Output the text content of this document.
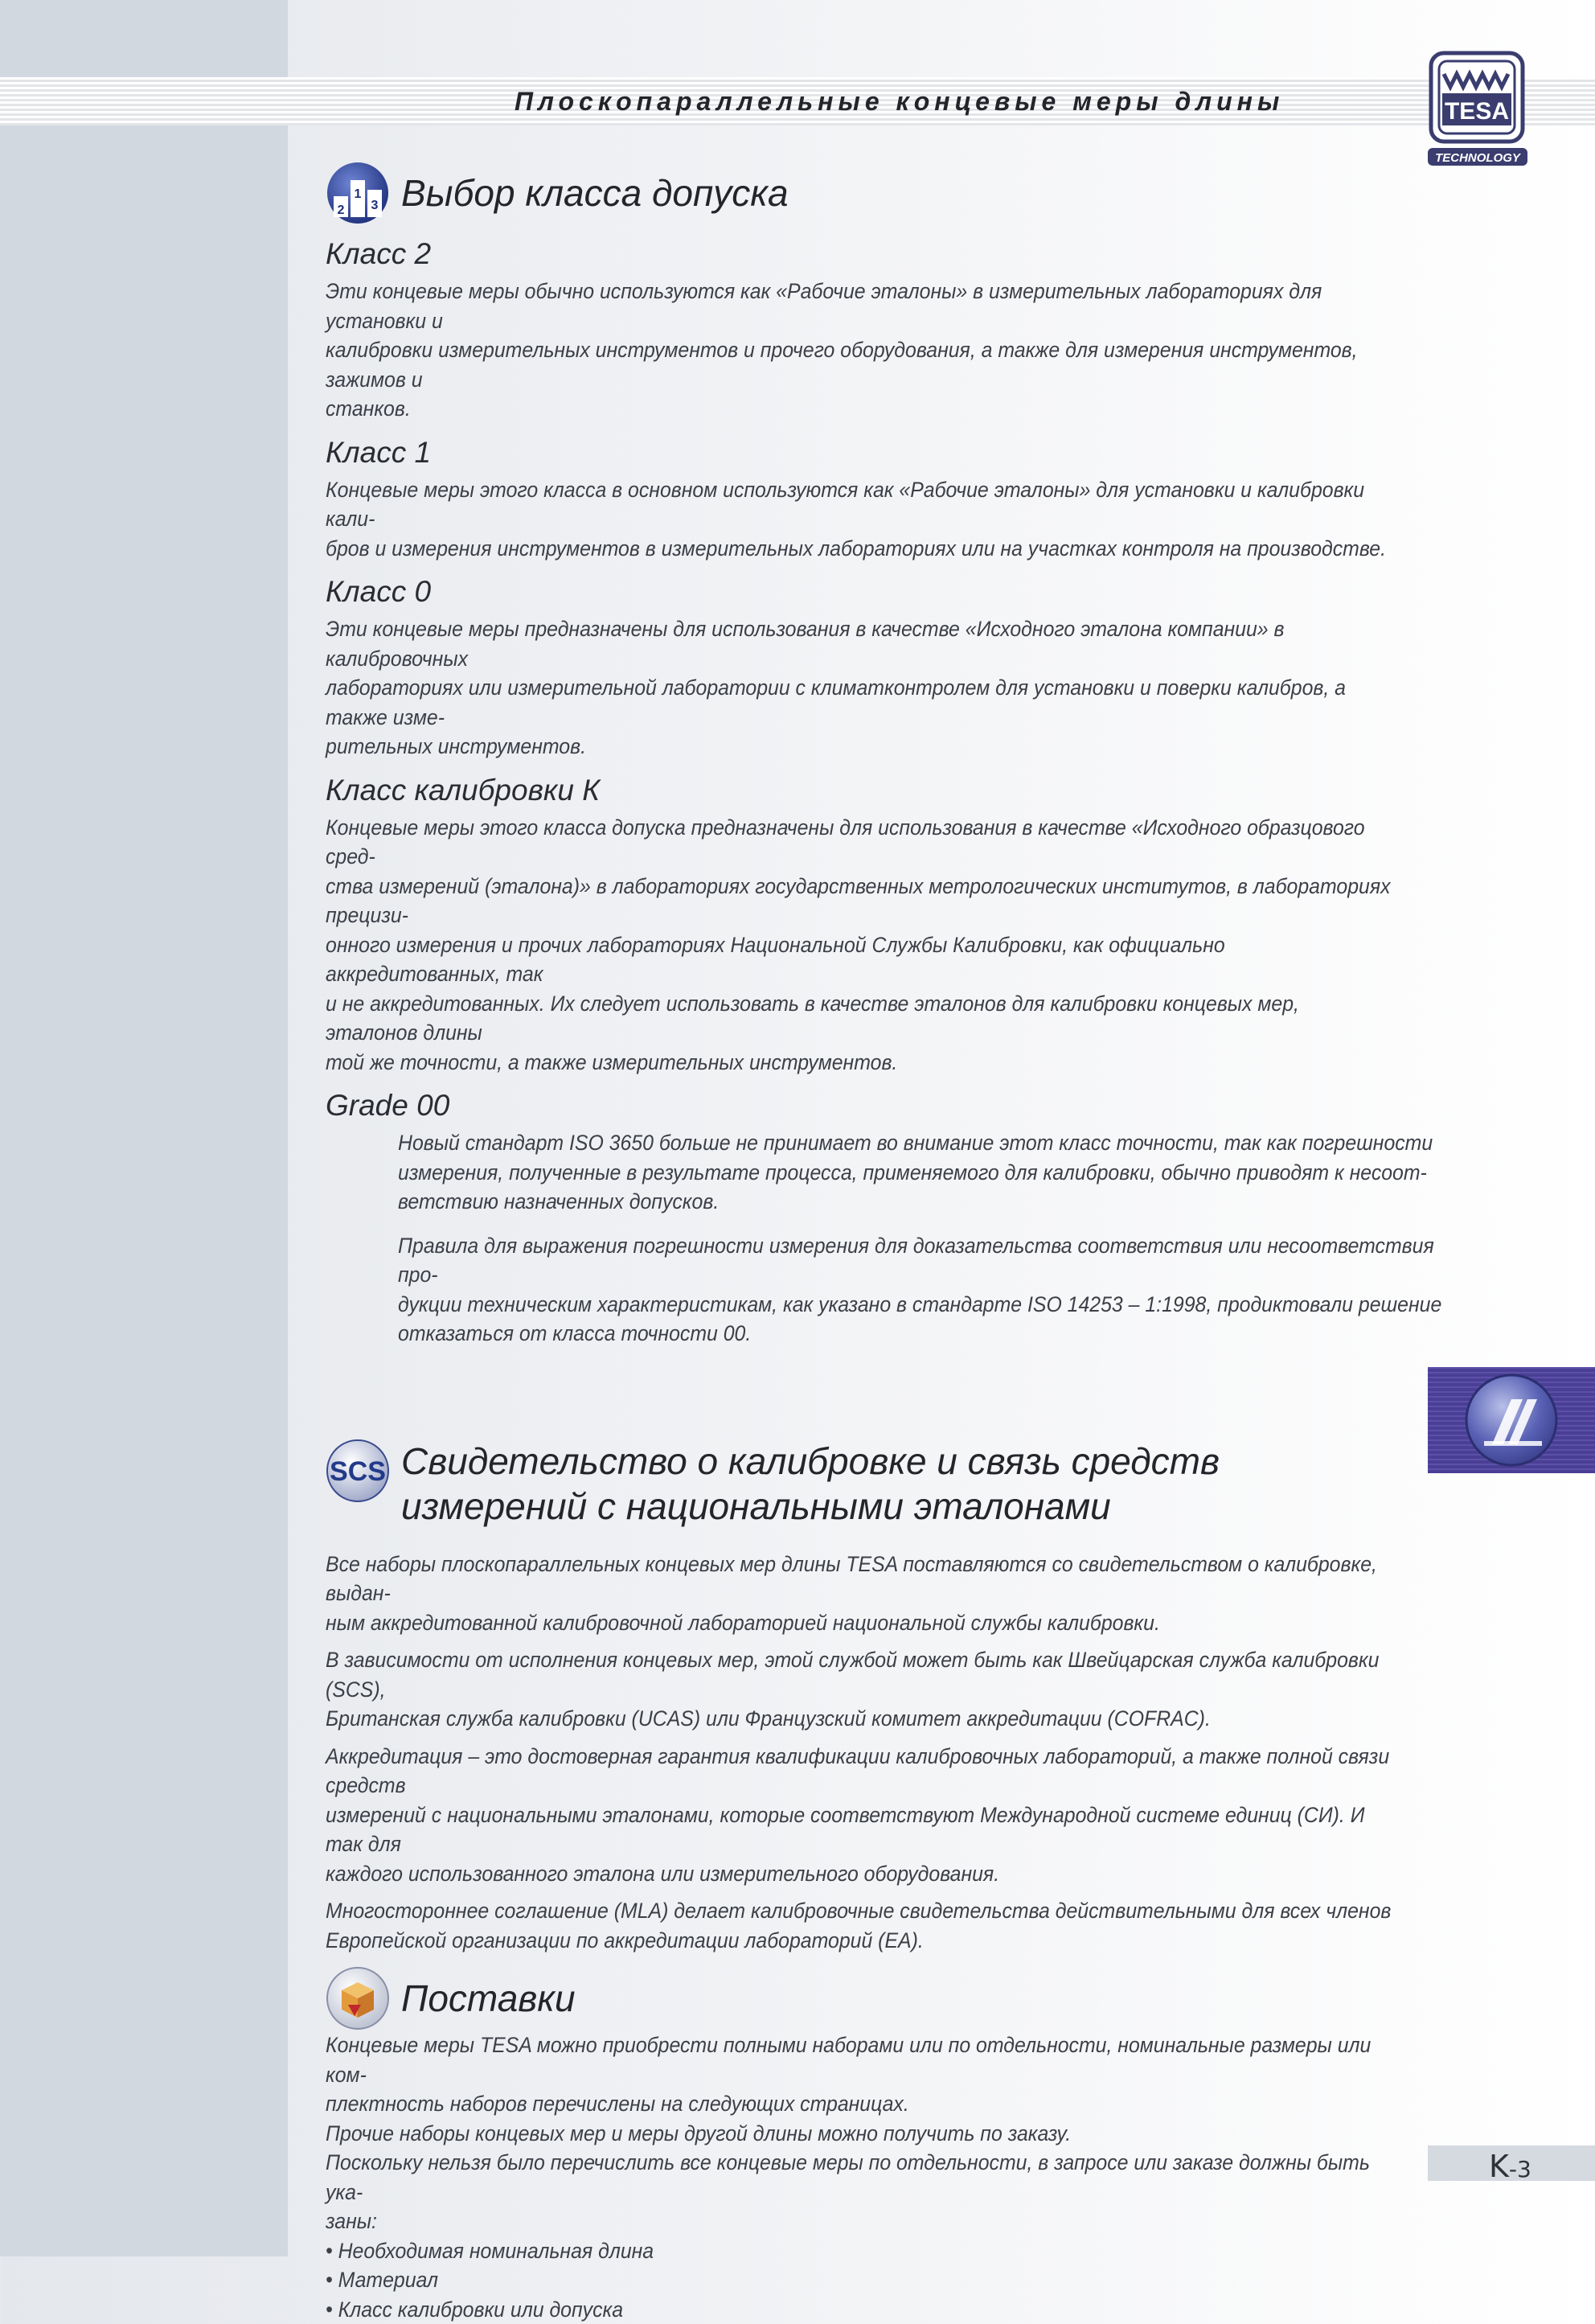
Плоскопараллельные концевые меры длины	TESA
TECHNOLOGY
2
1
3 Выбор класса допуска
Класс 2

Эти концевые меры обычно используются как «Рабочие эталоны» в измерительных лабораториях для установки и

калибровки измерительных инструментов и прочего оборудования, а также для измерения инструментов, зажимов и

станков.

Класс 1

Концевые меры этого класса в основном используются как «Рабочие эталоны» для установки и калибровки кали-

бров и измерения инструментов в измерительных лабораториях или на участках контроля на производстве.

Класс 0

Эти концевые меры предназначены для использования в качестве «Исходного эталона компании» в калибровочных

лабораториях или измерительной лаборатории с климатконтролем для установки и поверки калибров, а также изме-

рительных инструментов.

Класс калибровки К

Концевые меры этого класса допуска предназначены для использования в качестве «Исходного образцового сред-

ства измерений (эталона)» в лабораториях государственных метрологических институтов, в лабораториях прецизи-

онного измерения и прочих лабораториях Национальной Службы Калибровки, как официально аккредитованных, так

и не аккредитованных. Их следует использовать в качестве эталонов для калибровки концевых мер, эталонов длины

той же точности, а также измерительных инструментов.

Grade 00

Новый стандарт ISO 3650 больше не принимает во внимание этот класс точности, так как погрешности

измерения, полученные в результате процесса, применяемого для калибровки, обычно приводят к несоот-

ветствию назначенных допусков.

Правила для выражения погрешности измерения для доказательства соответствия или несоответствия про-

дукции техническим характеристикам, как указано в стандарте ISO 14253 – 1:1998, продиктовали решение

отказаться от класса точности 00.

SCS Свидетельство о калибровке и связь средств
измерений с национальными эталонами

Все наборы плоскопараллельных концевых мер длины TESA поставляются со свидетельством о калибровке, выдан-

ным аккредитованной калибровочной лабораторией национальной службы калибровки.

В зависимости от исполнения концевых мер, этой службой может быть как Швейцарская служба калибровки (SCS),

Британская служба калибровки (UCAS) или Французский комитет аккредитации (COFRAC).

Аккредитация – это достоверная гарантия квалификации калибровочных лабораторий, а также полной связи средств

измерений с национальными эталонами, которые соответствуют Международной системе единиц (СИ). И так для

каждого использованного эталона или измерительного оборудования.

Многостороннее соглашение (MLA) делает калибровочные свидетельства действительными для всех членов

Европейской организации по аккредитации лабораторий (ЕА).

Поставки

Концевые меры TESA можно приобрести полными наборами или по отдельности, номинальные размеры или ком-

плектность наборов перечислены на следующих страницах.

Прочие наборы концевых мер и меры другой длины можно получить по заказу.

Поскольку нельзя было перечислить все концевые меры по отдельности, в запросе или заказе должны быть ука-

заны:

• Необходимая номинальная длина
• Материал
• Класс калибровки или допуска
K-3
